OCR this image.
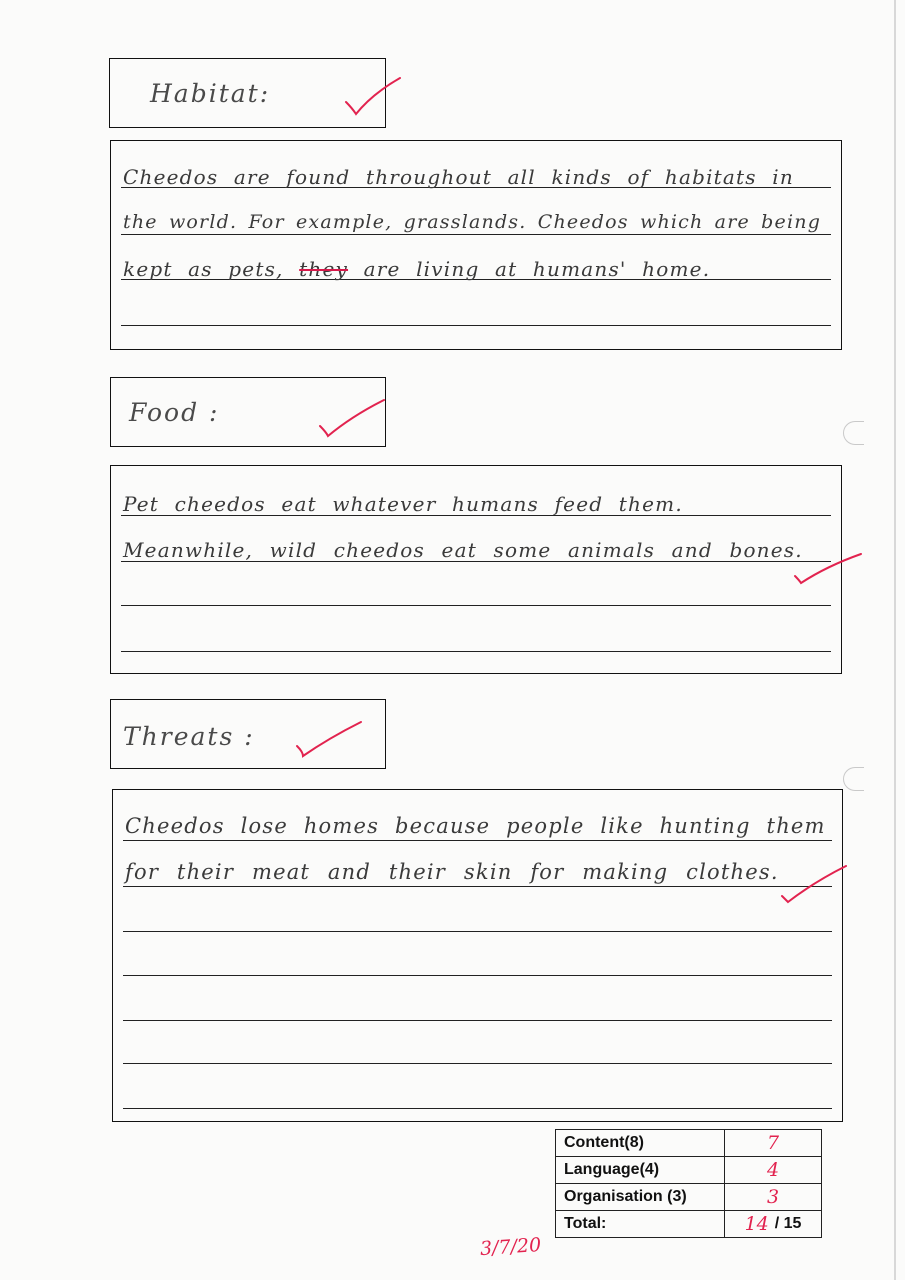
Habitat:
Cheedos are found throughout all kinds of habitats in
the world. For example, grasslands. Cheedos which are being
kept as pets, they are living at humans' home.
Food :
Pet cheedos eat whatever humans feed them.
Meanwhile, wild cheedos eat some animals and bones.
Threats :
Cheedos lose homes because people like hunting them
for their meat and their skin for making clothes.
Content(8)	7
Language(4)	4
Organisation (3)	3
Total:	14 / 15
3/7/20
